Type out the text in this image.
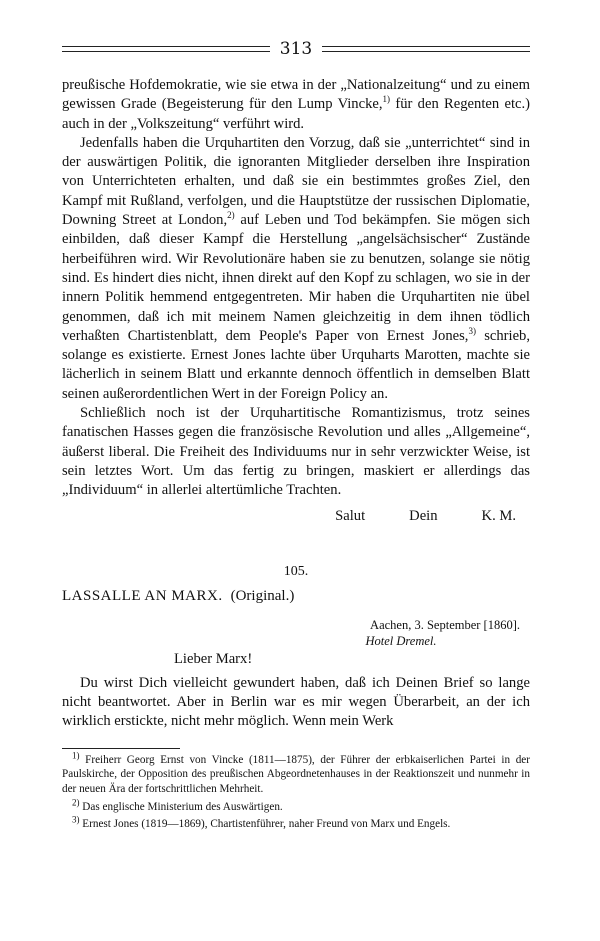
313

preußische Hofdemokratie, wie sie etwa in der „Nationalzeitung“ und zu einem gewissen Grade (Begeisterung für den Lump Vincke,$^{1)}$ für den Regenten etc.) auch in der „Volkszeitung“ verführt wird.

Jedenfalls haben die Urquhartiten den Vorzug, daß sie „unterrichtet“ sind in der auswärtigen Politik, die ignoranten Mitglieder derselben ihre Inspiration von Unterrichteten erhalten, und daß sie ein bestimmtes großes Ziel, den Kampf mit Rußland, verfolgen, und die Hauptstütze der russischen Diplomatie, Downing Street at London,$^{2)}$ auf Leben und Tod bekämpfen. Sie mögen sich einbilden, daß dieser Kampf die Herstellung „angelsächsischer“ Zustände herbeiführen wird. Wir Revolutionäre haben sie zu benutzen, solange sie nötig sind. Es hindert dies nicht, ihnen direkt auf den Kopf zu schlagen, wo sie in der innern Politik hemmend entgegentreten. Mir haben die Urquhartiten nie übel genommen, daß ich mit meinem Namen gleichzeitig in dem ihnen tödlich verhaßten Chartistenblatt, dem People's Paper von Ernest Jones,$^{3)}$ schrieb, solange es existierte. Ernest Jones lachte über Urquharts Marotten, machte sie lächerlich in seinem Blatt und erkannte dennoch öffentlich in demselben Blatt seinen außerordentlichen Wert in der Foreign Policy an.

Schließlich noch ist der Urquhartitische Romantizismus, trotz seines fanatischen Hasses gegen die französische Revolution und alles „Allgemeine“, äußerst liberal. Die Freiheit des Individuums nur in sehr verzwickter Weise, ist sein letztes Wort. Um das fertig zu bringen, maskiert er allerdings das „Individuum“ in allerlei altertümliche Trachten.

Salut	Dein	K. M.
105.
LASSALLE AN MARX. (Original.)
Aachen, 3. September [1860].
Hotel Dremel.
Lieber Marx!
Du wirst Dich vielleicht gewundert haben, daß ich Deinen Brief so lange nicht beantwortet. Aber in Berlin war es mir wegen Überarbeit, an der ich wirklich erstickte, nicht mehr möglich. Wenn mein Werk

$^{1)}$ Freiherr Georg Ernst von Vincke (1811—1875), der Führer der erbkaiserlichen Partei in der Paulskirche, der Opposition des preußischen Abgeordnetenhauses in der Reaktionszeit und nunmehr in der neuen Ära der fortschrittlichen Mehrheit.

$^{2)}$ Das englische Ministerium des Auswärtigen.

$^{3)}$ Ernest Jones (1819—1869), Chartistenführer, naher Freund von Marx und Engels.
